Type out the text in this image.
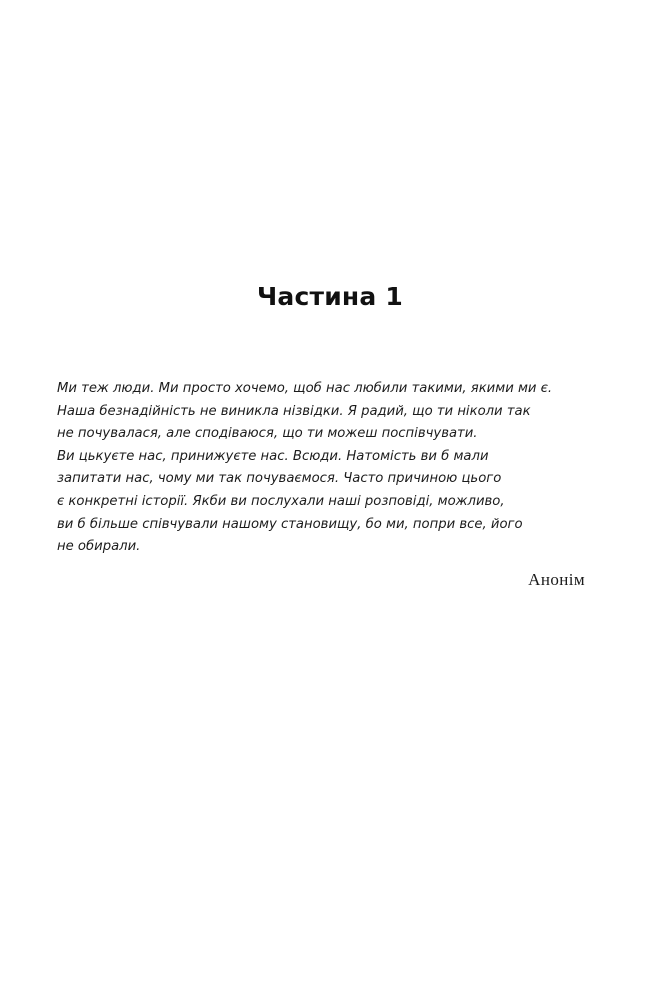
Частина 1
Ми теж люди. Ми просто хочемо, щоб нас любили такими, якими ми є.
Наша безнадійність не виникла нізвідки. Я радий, що ти ніколи так
не почувалася, але сподіваюся, що ти можеш поспівчувати.
Ви цькуєте нас, принижуєте нас. Всюди. Натомість ви б мали
запитати нас, чому ми так почуваємося. Часто причиною цього
є конкретні історії. Якби ви послухали наші розповіді, можливо,
ви б більше співчували нашому становищу, бо ми, попри все, його
не обирали.
Анонім
